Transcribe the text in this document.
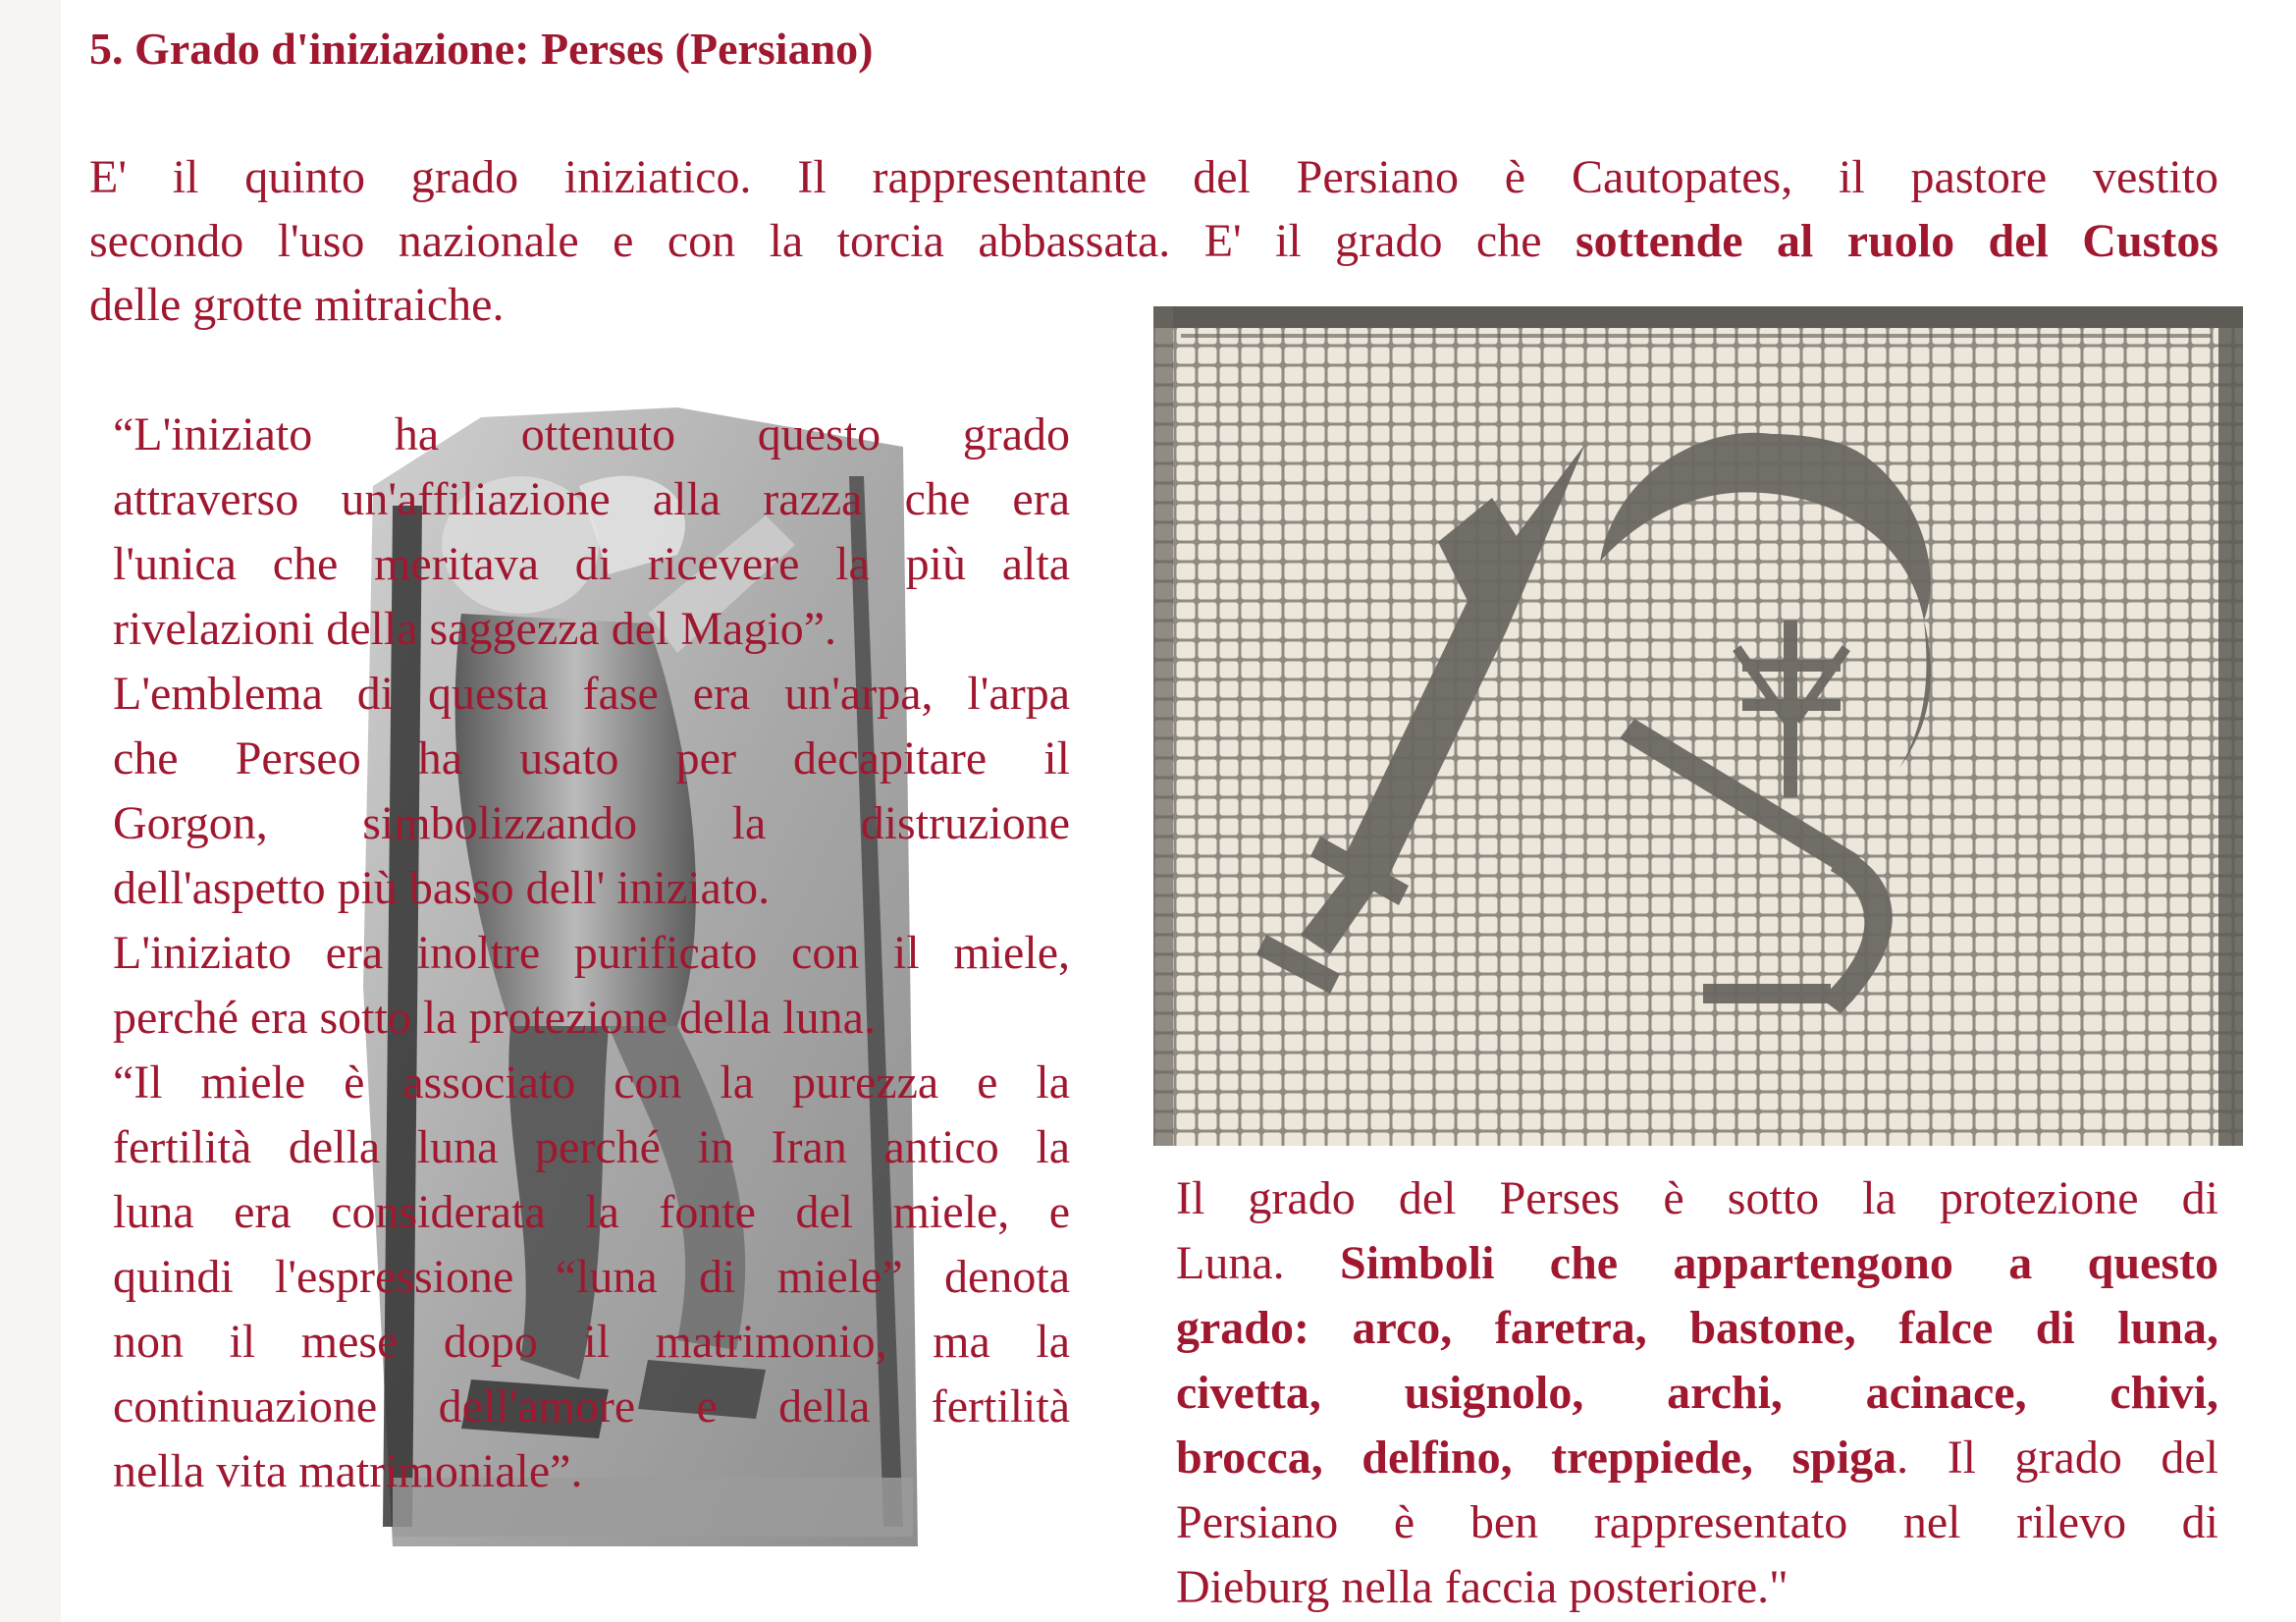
5. Grado d'iniziazione: Perses (Persiano)

E' il quinto grado iniziatico. Il rappresentante del Persiano è Cautopates, il pastore vestito
secondo l'uso nazionale e con la torcia abbassata. E' il grado che sottende al ruolo del Custos
delle grotte mitraiche.

“L'iniziato ha ottenuto questo grado
attraverso un'affiliazione alla razza che era
l'unica che meritava di ricevere la più alta
rivelazioni della saggezza del Magio”.
L'emblema di questa fase era un'arpa, l'arpa
che Perseo ha usato per decapitare il
Gorgon, simbolizzando la distruzione
dell'aspetto più basso dell' iniziato.
L'iniziato era inoltre purificato con il miele,
perché era sotto la protezione della luna.
“Il miele è associato con la purezza e la
fertilità della luna perché in Iran antico la
luna era considerata la fonte del miele, e
quindi l'espressione “luna di miele” denota
non il mese dopo il matrimonio, ma la
continuazione dell'amore e della fertilità
nella vita matrimoniale”.

Il grado del Perses è sotto la protezione di
Luna. Simboli che appartengono a questo
grado: arco, faretra, bastone, falce di luna,
civetta, usignolo, archi, acinace, chivi,
brocca, delfino, treppiede, spiga. Il grado del
Persiano è ben rappresentato nel rilevo di
Dieburg nella faccia posteriore."
